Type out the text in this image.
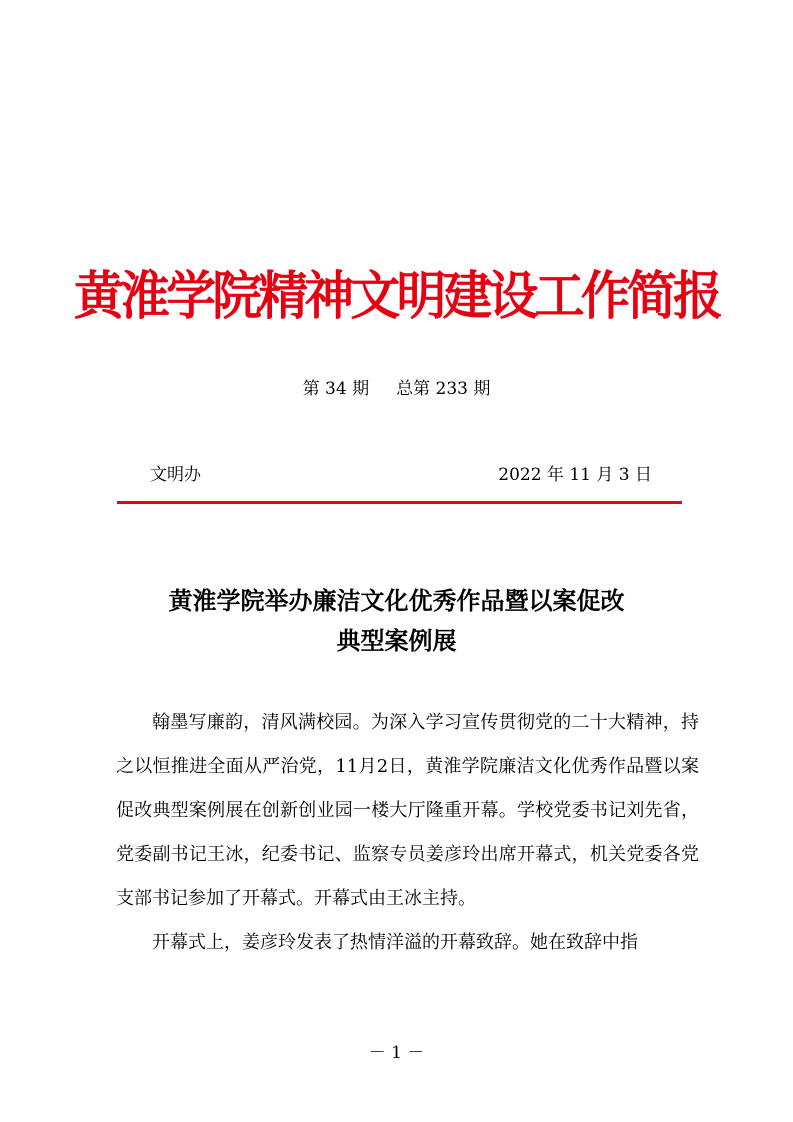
黄淮学院精神文明建设工作简报
第 34 期     总第 233 期
文明办	2022 年 11 月 3 日
黄淮学院举办廉洁文化优秀作品暨以案促改
典型案例展

翰墨写廉韵，清风满校园。为深入学习宣传贯彻党的二十大精神，持之以恒推进全面从严治党，11月2日，黄淮学院廉洁文化优秀作品暨以案促改典型案例展在创新创业园一楼大厅隆重开幕。学校党委书记刘先省，党委副书记王冰，纪委书记、监察专员姜彦玲出席开幕式，机关党委各党支部书记参加了开幕式。开幕式由王冰主持。

开幕式上，姜彦玲发表了热情洋溢的开幕致辞。她在致辞中指

－ 1 －
